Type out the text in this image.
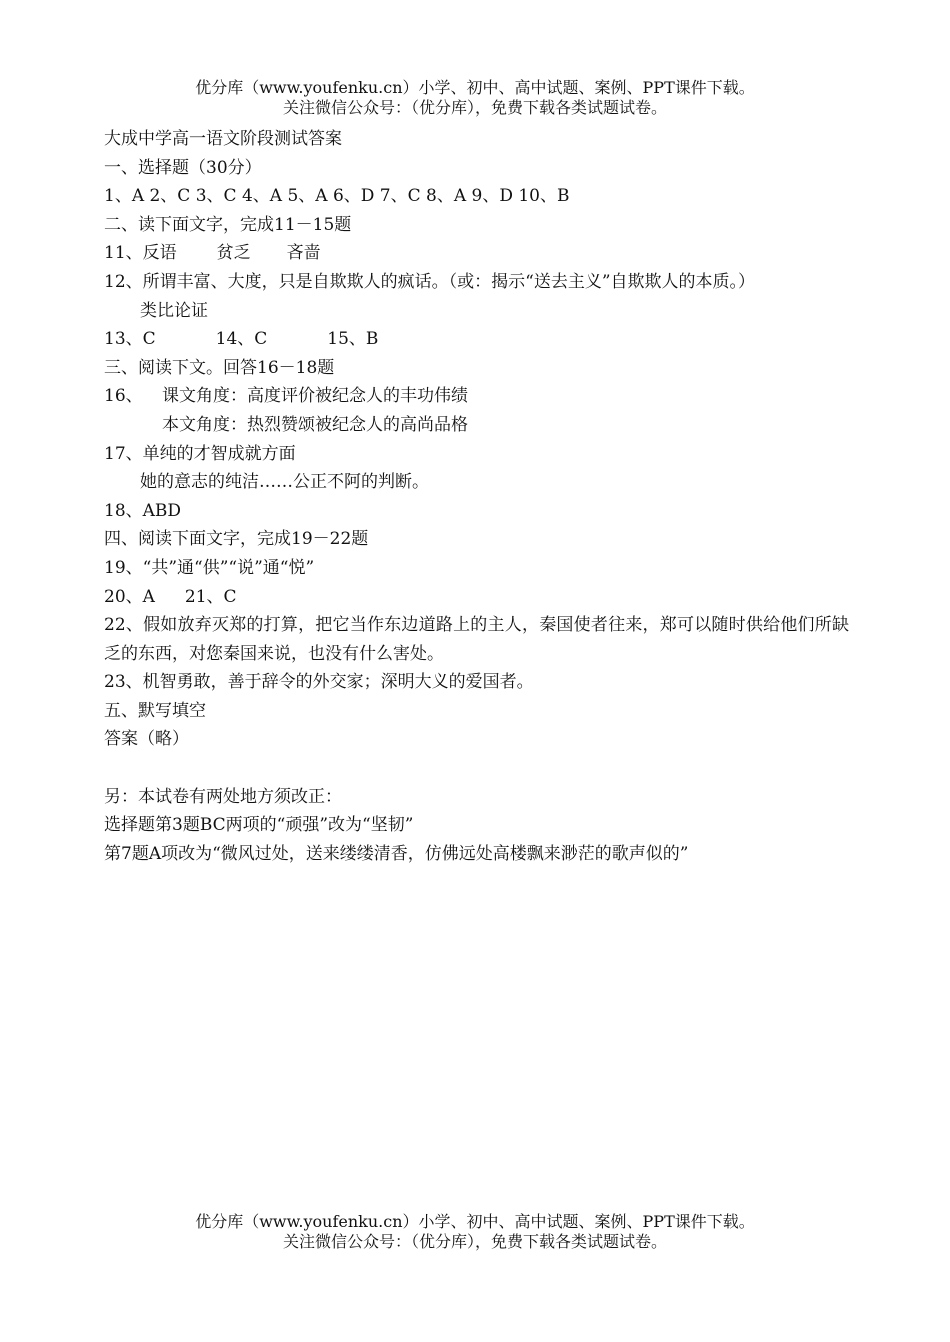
优分库（www.youfenku.cn）小学、初中、高中试题、案例、PPT课件下载。
关注微信公众号：（优分库），免费下载各类试题试卷。
大成中学高一语文阶段测试答案
一、选择题（30分）
1、A 2、C 3、C 4、A 5、A 6、D 7、C 8、A 9、D 10、B
二、读下面文字，完成11－15题
11、反语 贫乏 吝啬
12、所谓丰富、大度，只是自欺欺人的疯话。（或：揭示“送去主义”自欺欺人的本质。）
类比论证
13、C	14、C	15、B
三、阅读下文。回答16－18题
16、 课文角度：高度评价被纪念人的丰功伟绩
本文角度：热烈赞颂被纪念人的高尚品格
17、单纯的才智成就方面
她的意志的纯洁……公正不阿的判断。
18、ABD
四、阅读下面文字，完成19－22题
19、“共”通“供”“说”通“悦”
20、A 21、C
22、假如放弃灭郑的打算，把它当作东边道路上的主人，秦国使者往来，郑可以随时供给他们所缺乏的东西，对您秦国来说，也没有什么害处。
23、机智勇敢，善于辞令的外交家；深明大义的爱国者。
五、默写填空
答案（略）
另：本试卷有两处地方须改正：
选择题第3题BC两项的“顽强”改为“坚韧”
第7题A项改为“微风过处，送来缕缕清香，仿佛远处高楼飘来渺茫的歌声似的”
优分库（www.youfenku.cn）小学、初中、高中试题、案例、PPT课件下载。
关注微信公众号：（优分库），免费下载各类试题试卷。
